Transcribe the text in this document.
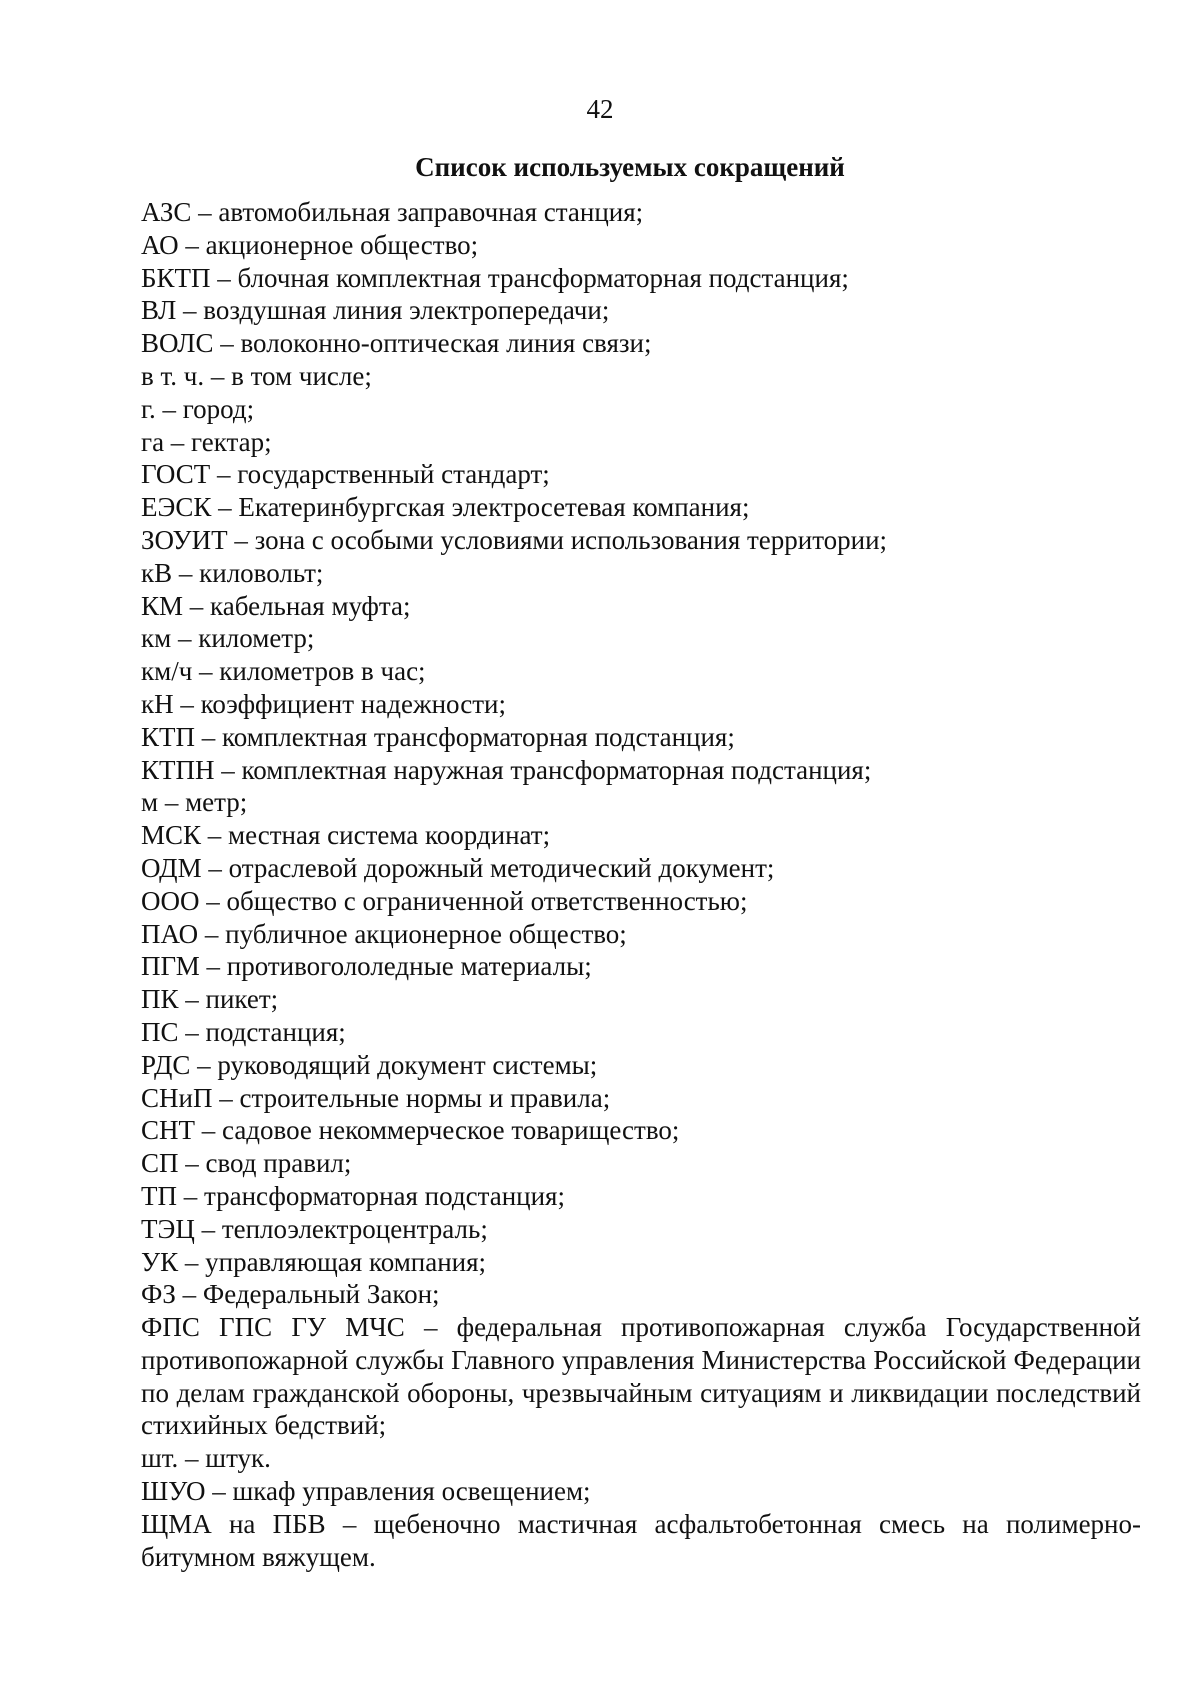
42
Список используемых сокращений
АЗС – автомобильная заправочная станция;
АО – акционерное общество;
БКТП – блочная комплектная трансформаторная подстанция;
ВЛ – воздушная линия электропередачи;
ВОЛС – волоконно-оптическая линия связи;
в т. ч. – в том числе;
г. – город;
га – гектар;
ГОСТ – государственный стандарт;
ЕЭСК – Екатеринбургская электросетевая компания;
ЗОУИТ – зона с особыми условиями использования территории;
кВ – киловольт;
КМ – кабельная муфта;
км – километр;
км/ч – километров в час;
кН – коэффициент надежности;
КТП – комплектная трансформаторная подстанция;
КТПН – комплектная наружная трансформаторная подстанция;
м – метр;
МСК – местная система координат;
ОДМ – отраслевой дорожный методический документ;
ООО – общество с ограниченной ответственностью;
ПАО – публичное акционерное общество;
ПГМ – противогололедные материалы;
ПК – пикет;
ПС – подстанция;
РДС – руководящий документ системы;
СНиП – строительные нормы и правила;
СНТ – садовое некоммерческое товарищество;
СП – свод правил;
ТП – трансформаторная подстанция;
ТЭЦ – теплоэлектроцентраль;
УК – управляющая компания;
ФЗ – Федеральный Закон;
ФПС ГПС ГУ МЧС – федеральная противопожарная служба Государственной противопожарной службы Главного управления Министерства Российской Федерации по делам гражданской обороны, чрезвычайным ситуациям и ликвидации последствий стихийных бедствий;
шт. – штук.
ШУО – шкаф управления освещением;
ЩМА на ПБВ – щебеночно мастичная асфальтобетонная смесь на полимерно-битумном вяжущем.
